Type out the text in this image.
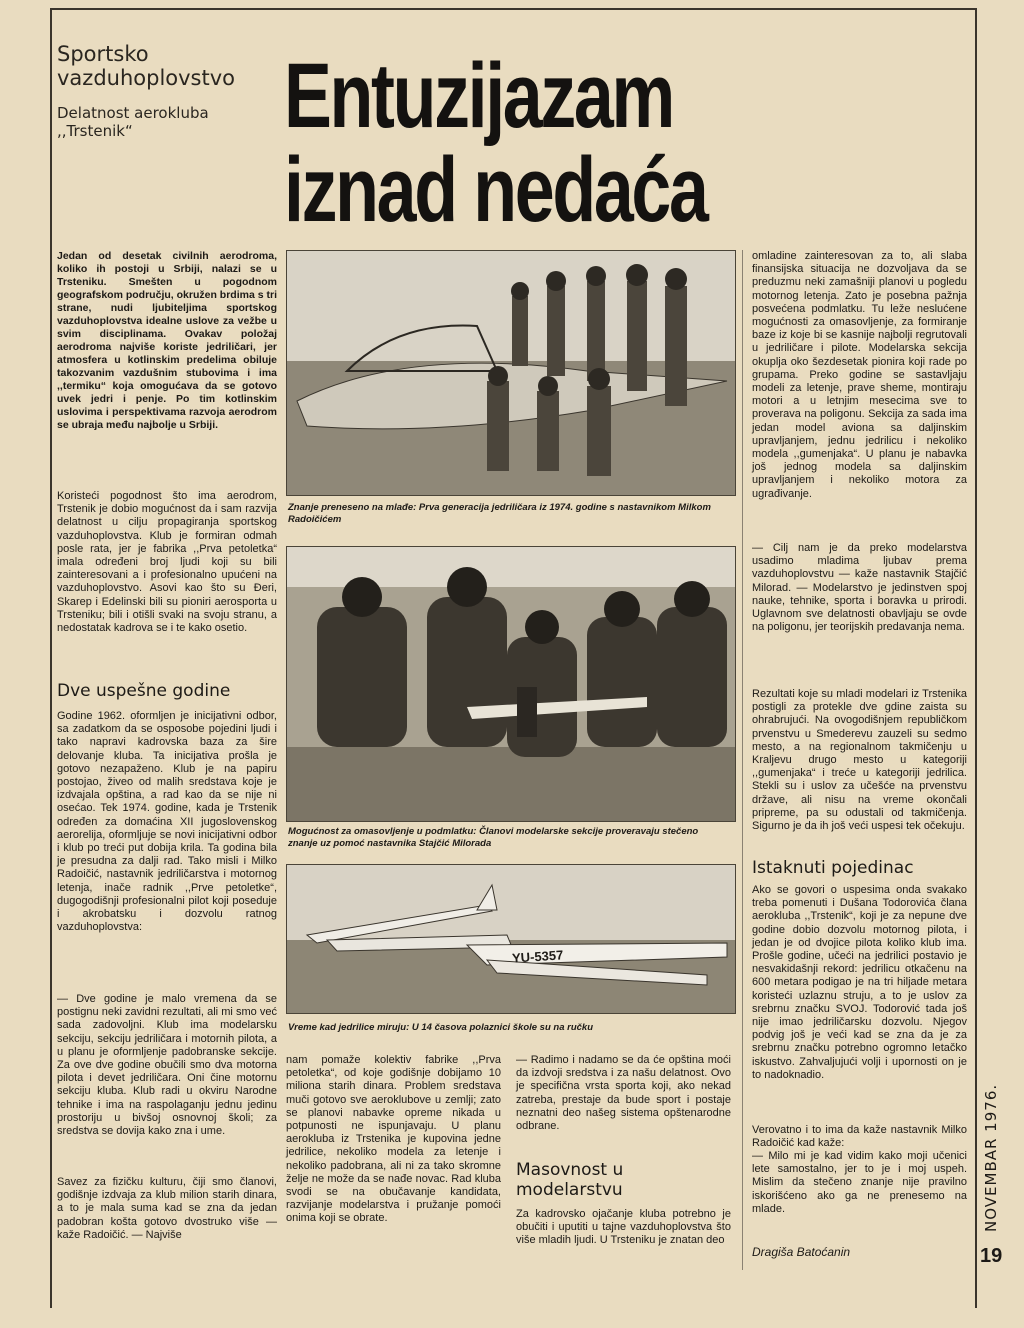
Sportsko vazduhoplovstvo
Delatnost aerokluba ,,Trstenik“	Entuzijazam
iznad nedaća
Jedan od desetak civilnih aerodroma, koliko ih postoji u Srbiji, nalazi se u Trsteniku. Smešten u pogodnom geografskom području, okružen brdima s tri strane, nudi ljubiteljima sportskog vazduhoplovstva idealne uslove za vežbe u svim disciplinama. Ovakav položaj aerodroma najviše koriste jedriličari, jer atmosfera u kotlinskim predelima obiluje takozvanim vazdušnim stubovima i ima ,,termiku“ koja omogućava da se gotovo uvek jedri i penje. Po tim kotlinskim uslovima i perspektivama razvoja aerodrom se ubraja među najbolje u Srbiji.
Koristeći pogodnost što ima aerodrom, Trstenik je dobio mogućnost da i sam razvija delatnost u cilju propagiranja sportskog vazduhoplovstva. Klub je formiran odmah posle rata, jer je fabrika ,,Prva petoletka“ imala određeni broj ljudi koji su bili zainteresovani a i profesionalno upućeni na vazduhoplovstvo. Asovi kao što su Đeri, Skarep i Edelinski bili su pioniri aerosporta u Trsteniku; bili i otišli svaki na svoju stranu, a nedostatak kadrova se i te kako osetio.
Dve uspešne godine
Godine 1962. oformljen je inicijativni odbor, sa zadatkom da se osposobe pojedini ljudi i tako napravi kadrovska baza za šire delovanje kluba. Ta inicijativa prošla je gotovo nezapaženo. Klub je na papiru postojao, živeo od malih sredstava koje je izdvajala opština, a rad kao da se nije ni osećao. Tek 1974. godine, kada je Trstenik određen za domaćina XII jugoslovenskog aerorelija, oformljuje se novi inicijativni odbor i klub po treći put dobija krila. Ta godina bila je presudna za dalji rad. Tako misli i Milko Radoičić, nastavnik jedriličarstva i motornog letenja, inače radnik ,,Prve petoletke“, dugogodišnji profesionalni pilot koji poseduje i akrobatsku i dozvolu ratnog vazduhoplovstva:
— Dve godine je malo vremena da se postignu neki zavidni rezultati, ali mi smo već sada zadovoljni. Klub ima modelarsku sekciju, sekciju jedriličara i motornih pilota, a u planu je oformljenje padobranske sekcije. Za ove dve godine obučili smo dva motorna pilota i devet jedriličara. Oni čine motornu sekciju kluba. Klub radi u okviru Narodne tehnike i ima na raspolaganju jednu jedinu prostoriju u bivšoj osnovnoj školi; za sredstva se dovija kako zna i ume.
Savez za fizičku kulturu, čiji smo članovi, godišnje izdvaja za klub milion starih dinara, a to je mala suma kad se zna da jedan padobran košta gotovo dvostruko više — kaže Radoičić. — Najviše
Znanje preneseno na mlađe: Prva generacija jedriličara iz 1974. godine s nastavnikom Milkom Radoičićem
Mogućnost za omasovljenje u podmlatku: Članovi modelarske sekcije proveravaju stečeno znanje uz pomoć nastavnika Stajčić Milorada
YU-5357
Vreme kad jedrilice miruju: U 14 časova polaznici škole su na ručku
nam pomaže kolektiv fabrike ,,Prva petoletka“, od koje godišnje dobijamo 10 miliona starih dinara. Problem sredstava muči gotovo sve aeroklubove u zemlji; zato se planovi nabavke opreme nikada u potpunosti ne ispunjavaju. U planu aerokluba iz Trstenika je kupovina jedne jedrilice, nekoliko modela za letenje i nekoliko padobrana, ali ni za tako skromne želje ne može da se nađe novac. Rad kluba svodi se na obučavanje kandidata, razvijanje modelarstva i pružanje pomoći onima koji se obrate.
— Radimo i nadamo se da će opština moći da izdvoji sredstva i za našu delatnost. Ovo je specifična vrsta sporta koji, ako nekad zatreba, prestaje da bude sport i postaje neznatni deo našeg sistema opštenarodne odbrane.
Masovnost u modelarstvu
Za kadrovsko ojačanje kluba potrebno je obučiti i uputiti u tajne vazduhoplovstva što više mladih ljudi. U Trsteniku je znatan deo
omladine zainteresovan za to, ali slaba finansijska situacija ne dozvoljava da se preduzmu neki zamašniji planovi u pogledu motornog letenja. Zato je posebna pažnja posvećena podmlatku. Tu leže neslućene mogućnosti za omasovljenje, za formiranje baze iz koje bi se kasnije najbolji regrutovali u jedriličare i pilote. Modelarska sekcija okuplja oko šezdesetak pionira koji rade po grupama. Preko godine se sastavljaju modeli za letenje, prave sheme, montiraju motori a u letnjim mesecima sve to proverava na poligonu. Sekcija za sada ima jedan model aviona sa daljinskim upravljanjem, jednu jedrilicu i nekoliko modela ,,gumenjaka“. U planu je nabavka još jednog modela sa daljinskim upravljanjem i nekoliko motora za ugrađivanje.
— Cilj nam je da preko modelarstva usadimo mladima ljubav prema vazduhoplovstvu — kaže nastavnik Stajčić Milorad. — Modelarstvo je jedinstven spoj nauke, tehnike, sporta i boravka u prirodi. Uglavnom sve delatnosti obavljaju se ovde na poligonu, jer teorijskih predavanja nema.
Rezultati koje su mladi modelari iz Trstenika postigli za protekle dve gdine zaista su ohrabrujući. Na ovogodišnjem republičkom prvenstvu u Smederevu zauzeli su sedmo mesto, a na regionalnom takmičenju u Kraljevu drugo mesto u kategoriji ,,gumenjaka“ i treće u kategoriji jedrilica. Stekli su i uslov za učešće na prvenstvu države, ali nisu na vreme okončali pripreme, pa su odustali od takmičenja. Sigurno je da ih još veći uspesi tek očekuju.
Istaknuti pojedinac
Ako se govori o uspesima onda svakako treba pomenuti i Dušana Todorovića člana aerokluba ,,Trstenik“, koji je za nepune dve godine dobio dozvolu motornog pilota, i jedan je od dvojice pilota koliko klub ima. Prošle godine, učeći na jedrilici postavio je nesvakidašnji rekord: jedrilicu otkačenu na 600 metara podigao je na tri hiljade metara koristeći uzlaznu struju, a to je uslov za srebrnu značku SVOJ. Todorović tada još nije imao jedriličarsku dozvolu. Njegov podvig još je veći kad se zna da je za srebrnu značku potrebno ogromno letačko iskustvo. Zahvaljujući volji i upornosti on je to nadoknadio.
Verovatno i to ima da kaže nastavnik Milko Radoičić kad kaže:
— Milo mi je kad vidim kako moji učenici lete samostalno, jer to je i moj uspeh. Mislim da stečeno znanje nije pravilno iskorišćeno ako ga ne prenesemo na mlade.
Dragiša Batoćanin
NOVEMBAR 1976.
19
